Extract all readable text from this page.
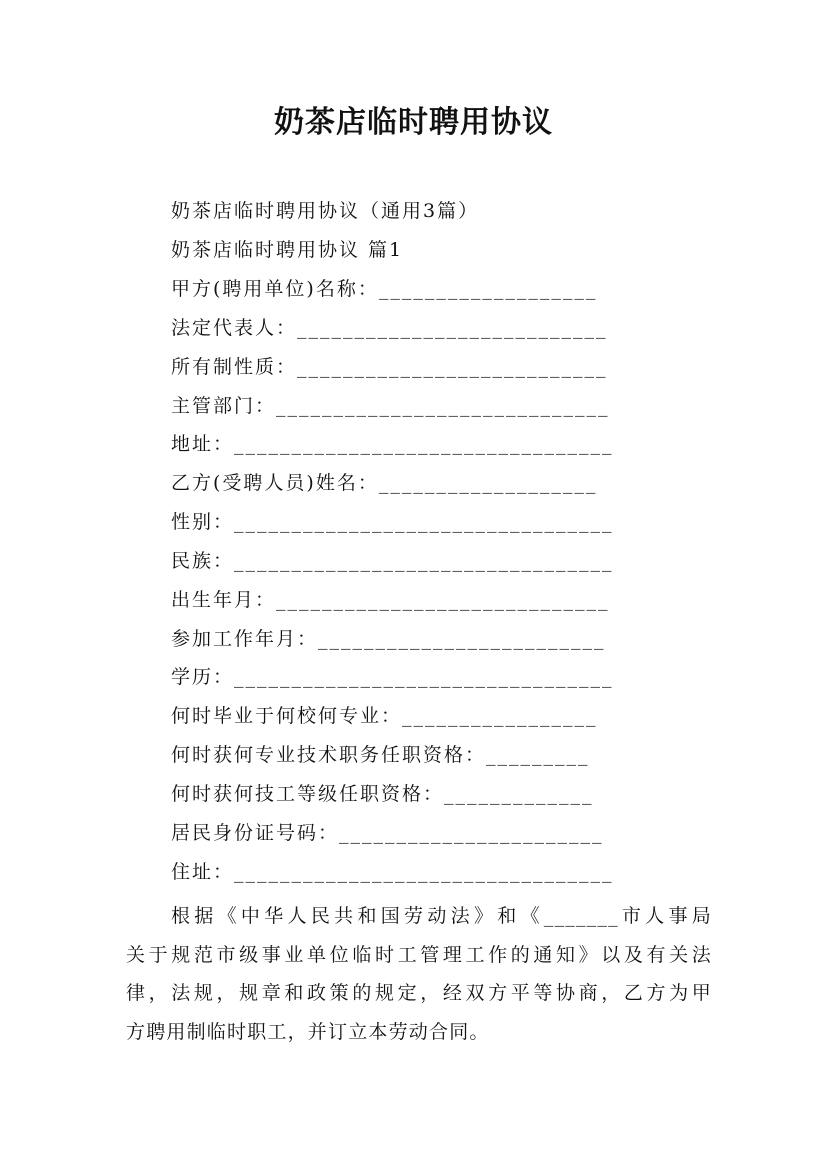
奶茶店临时聘用协议
奶茶店临时聘用协议（通用3篇）
奶茶店临时聘用协议 篇1
甲方(聘用单位)名称：___________________
法定代表人：___________________________
所有制性质：___________________________
主管部门：_____________________________
地址：_________________________________
乙方(受聘人员)姓名：___________________
性别：_________________________________
民族：_________________________________
出生年月：_____________________________
参加工作年月：_________________________
学历：_________________________________
何时毕业于何校何专业：_________________
何时获何专业技术职务任职资格：_________
何时获何技工等级任职资格：_____________
居民身份证号码：_______________________
住址：_________________________________
根据《中华人民共和国劳动法》和《_______市人事局
关于规范市级事业单位临时工管理工作的通知》以及有关法
律，法规，规章和政策的规定，经双方平等协商，乙方为甲
方聘用制临时职工，并订立本劳动合同。
